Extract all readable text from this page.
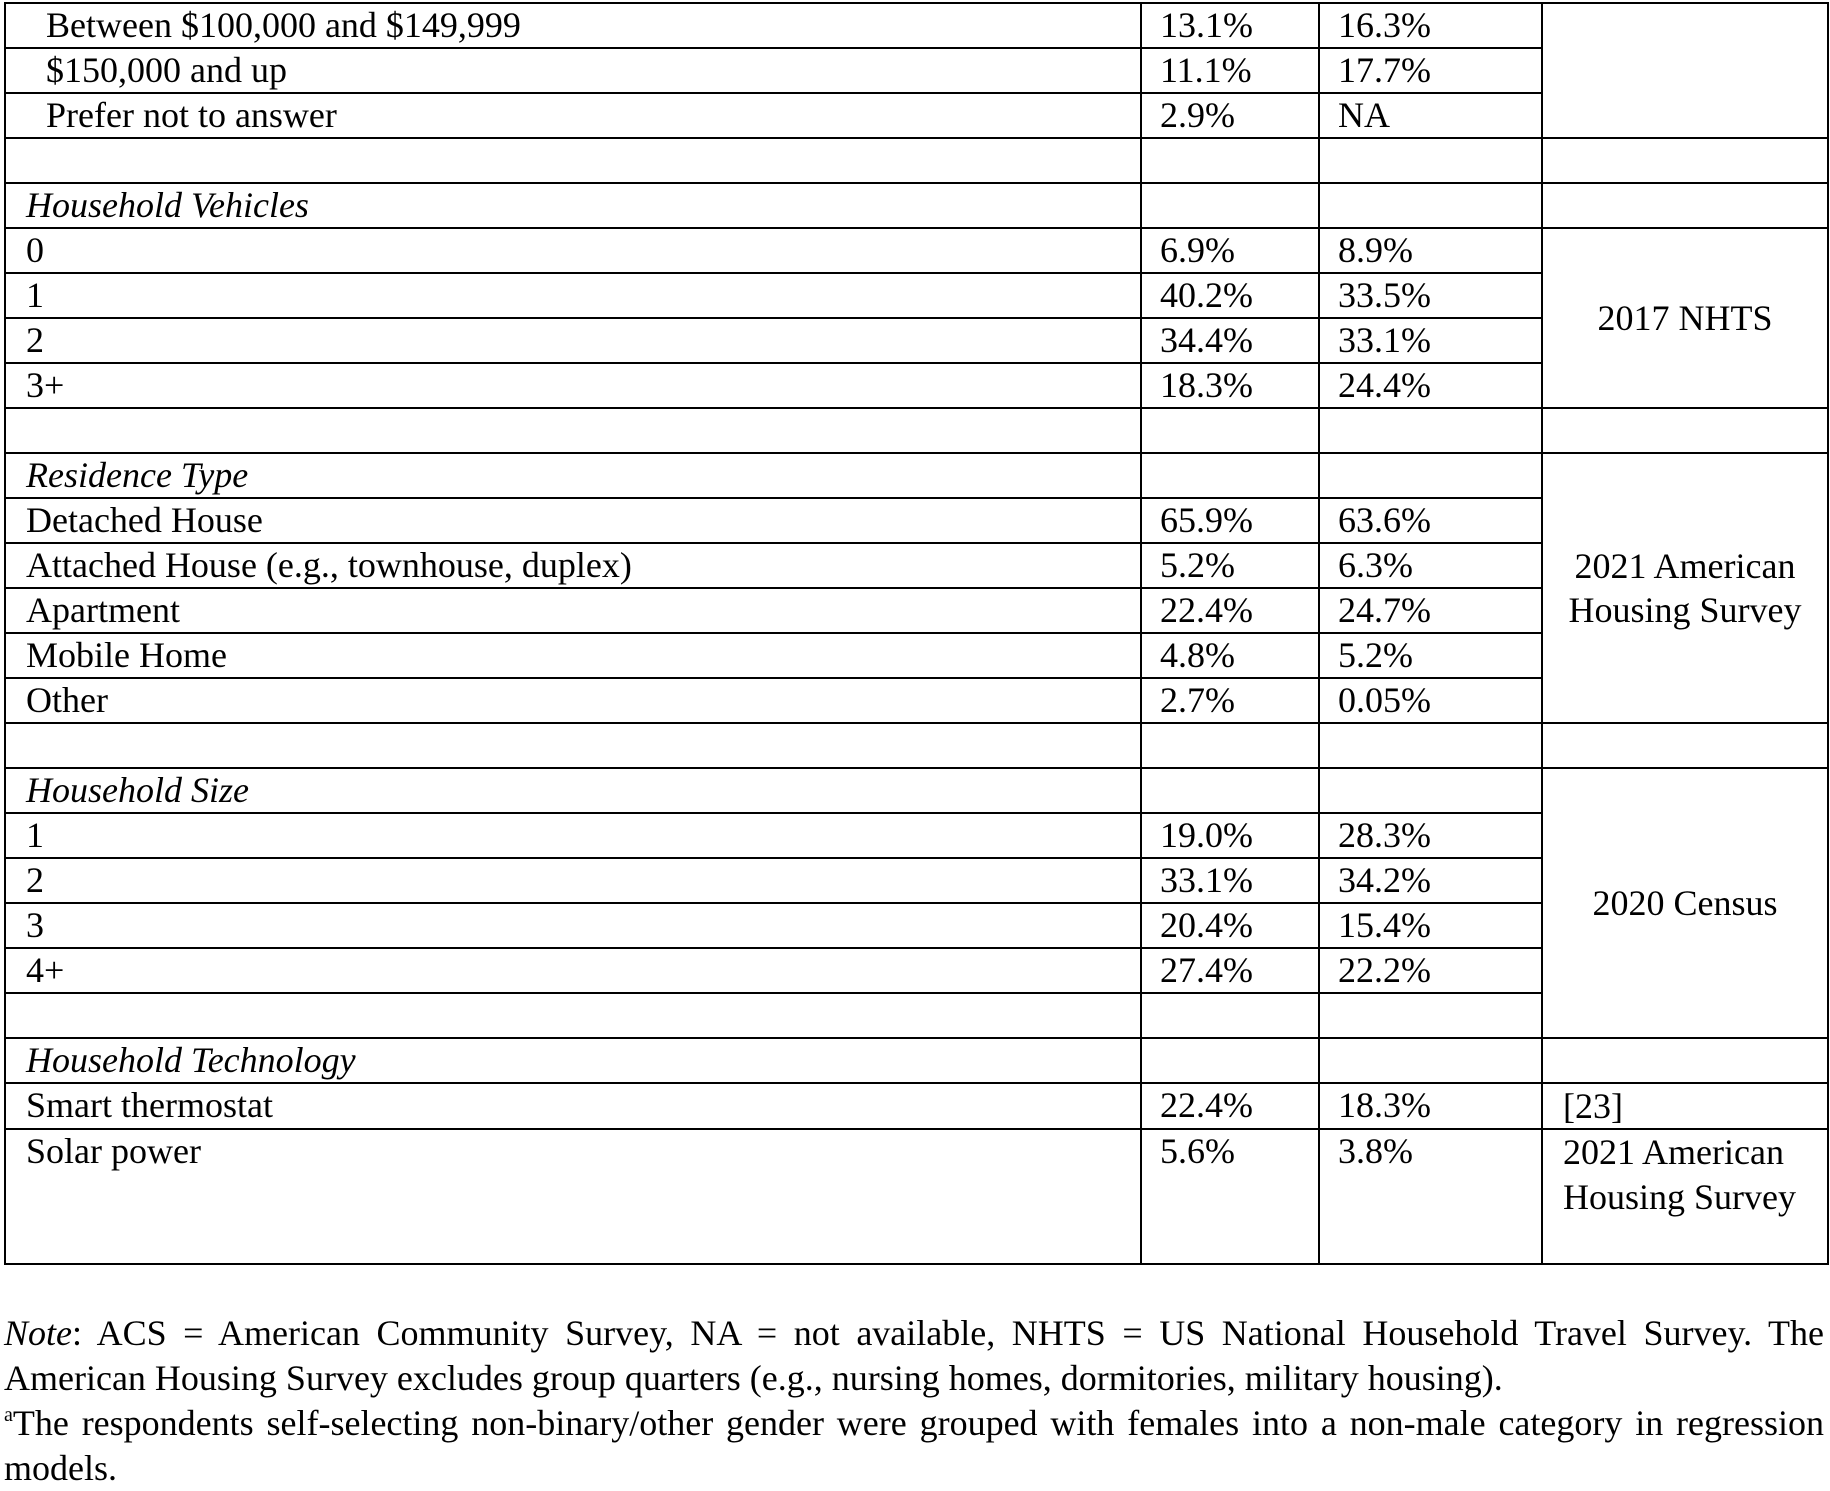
Between $100,000 and $149,999	13.1%	16.3%	
$150,000 and up	11.1%	17.7%	
Prefer not to answer	2.9%	NA	

Household Vehicles			
0	6.9%	8.9%	2017 NHTS
1	40.2%	33.5%	
2	34.4%	33.1%	
3+	18.3%	24.4%	

Residence Type			2021 American Housing Survey
Detached House	65.9%	63.6%	
Attached House (e.g., townhouse, duplex)	5.2%	6.3%	
Apartment	22.4%	24.7%	
Mobile Home	4.8%	5.2%	
Other	2.7%	0.05%	

Household Size			2020 Census
1	19.0%	28.3%	
2	33.1%	34.2%	
3	20.4%	15.4%	
4+	27.4%	22.2%	

Household Technology			
Smart thermostat	22.4%	18.3%	[23]
Solar power	5.6%	3.8%	2021 American Housing Survey

Note: ACS = American Community Survey, NA = not available, NHTS = US National Household Travel Survey. The American Housing Survey excludes group quarters (e.g., nursing homes, dormitories, military housing).

$^a$The respondents self-selecting non-binary/other gender were grouped with females into a non-male category in regression models.
